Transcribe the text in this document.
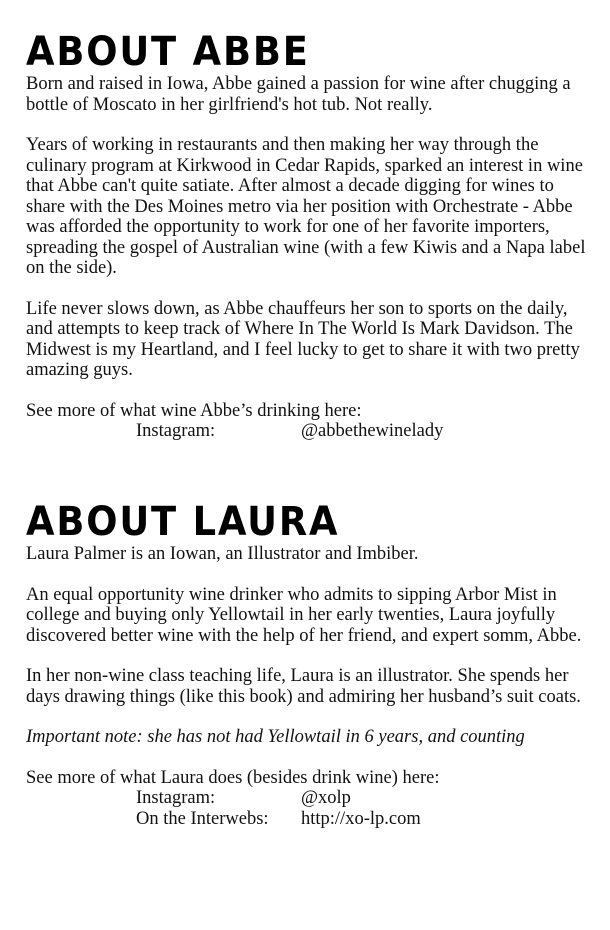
ABOUT ABBE

Born and raised in Iowa, Abbe gained a passion for wine after chugging a bottle of Moscato in her girlfriend's hot tub. Not really.

Years of working in restaurants and then making her way through the culinary program at Kirkwood in Cedar Rapids, sparked an interest in wine that Abbe can't quite satiate. After almost a decade digging for wines to share with the Des Moines metro via her position with Orchestrate - Abbe was afforded the opportunity to work for one of her favorite importers, spreading the gospel of Australian wine (with a few Kiwis and a Napa label on the side).

Life never slows down, as Abbe chauffeurs her son to sports on the daily, and attempts to keep track of Where In The World Is Mark Davidson. The Midwest is my Heartland, and I feel lucky to get to share it with two pretty amazing guys.

See more of what wine Abbe’s drinking here:

Instagram:	@abbethewinelady
ABOUT LAURA

Laura Palmer is an Iowan, an Illustrator and Imbiber.

An equal opportunity wine drinker who admits to sipping Arbor Mist in college and buying only Yellowtail in her early twenties, Laura joyfully discovered better wine with the help of her friend, and expert somm, Abbe.

In her non-wine class teaching life, Laura is an illustrator. She spends her days drawing things (like this book) and admiring her husband’s suit coats.

Important note: she has not had Yellowtail in 6 years, and counting

See more of what Laura does (besides drink wine) here:

Instagram:	@xolp
On the Interwebs:	http://xo-lp.com
